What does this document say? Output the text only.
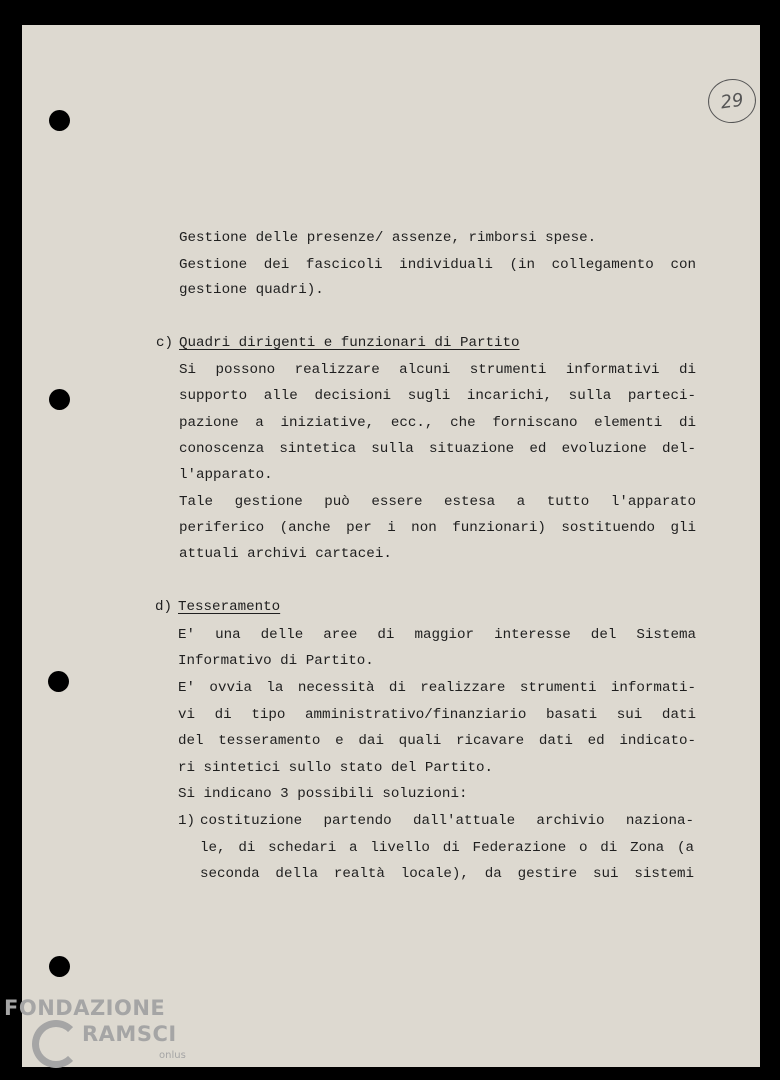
29
Gestione delle presenze/ assenze, rimborsi spese.
Gestione dei fascicoli individuali (in collegamento con
gestione quadri).
c) Quadri dirigenti e funzionari di Partito
Si possono realizzare alcuni strumenti informativi di
supporto alle decisioni sugli incarichi, sulla parteci-
pazione a iniziative, ecc., che forniscano elementi di
conoscenza sintetica sulla situazione ed evoluzione del-
l'apparato.
Tale gestione può essere estesa a tutto l'apparato
periferico (anche per i non funzionari) sostituendo gli
attuali archivi cartacei.
d) Tesseramento
E' una delle aree di maggior interesse del Sistema
Informativo di Partito.
E' ovvia la necessità di realizzare strumenti informati-
vi di tipo amministrativo/finanziario basati sui dati
del tesseramento e dai quali ricavare dati ed indicato-
ri sintetici sullo stato del Partito.
Si indicano 3 possibili soluzioni:
1) costituzione partendo dall'attuale archivio naziona-
le, di schedari a livello di Federazione o di Zona (a
seconda della realtà locale), da gestire sui sistemi
FONDAZIONE
RAMSCI
onlus
